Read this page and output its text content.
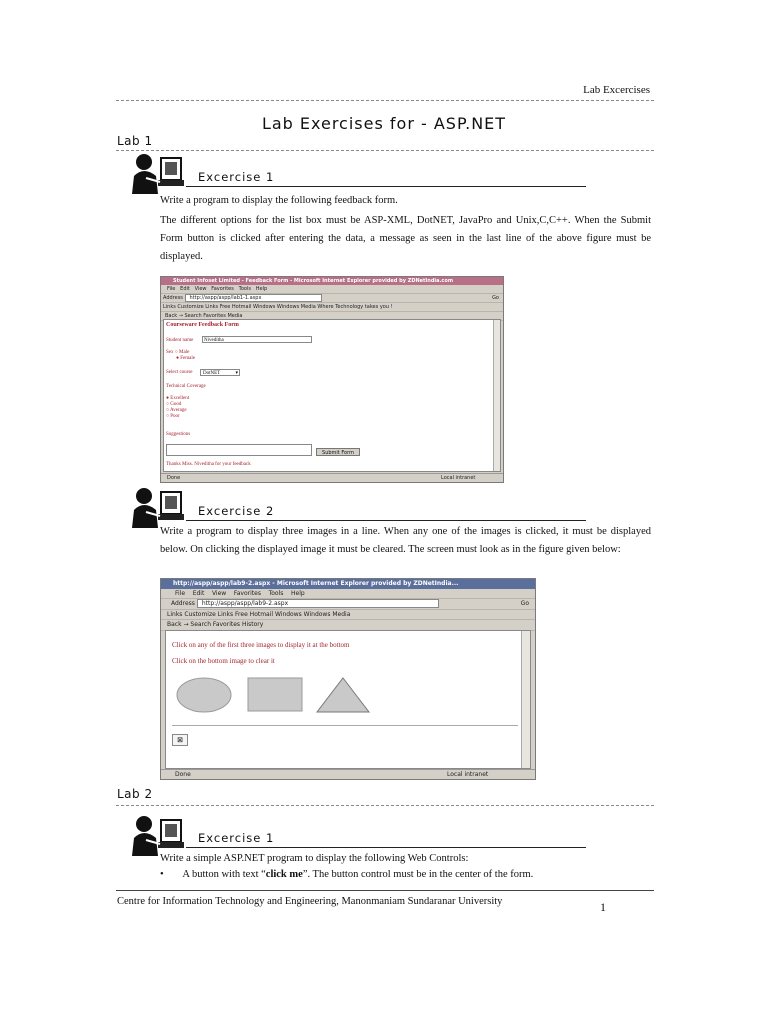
Lab Excercises
Lab Exercises for - ASP.NET
Lab 1
Excercise 1
Write a program to display the following feedback form.
The different options for the list box must be ASP-XML, DotNET, JavaPro and Unix,C,C++. When the Submit Form button is clicked after entering the data, a message as seen in the last line of the above figure must be displayed.
Student Infoset Limited - Feedback Form - Microsoft Internet Explorer provided by ZDNetIndia.com
File Edit View Favorites Tools Help
Address http://aspp/aspp/lab1-1.aspx	Go
Links Customize Links Free Hotmail Windows Windows Media Where Technology takes you !
Back → Search Favorites Media
Courseware Feedback Form
Student name	Niveditha
Sex ○ Male
● Female
Select course	DotNET	▾
Technical Coverage
● Excellent
○ Good
○ Average
○ Poor
Suggestions
Submit Form
Thanks Miss. Niveditha for your feedback
Done	Local intranet
Excercise 2
Write a program to display three images in a line. When any one of the images is clicked, it must be displayed below. On clicking the displayed image it must be cleared. The screen must look as in the figure given below:
http://aspp/aspp/lab9-2.aspx - Microsoft Internet Explorer provided by ZDNetIndia...
File Edit View Favorites Tools Help
Address http://aspp/aspp/lab9-2.aspx	Go
Links Customize Links Free Hotmail Windows Windows Media
Back → Search Favorites History
Click on any of the first three images to display it at the bottom
Click on the bottom image to clear it
⊠
Done	Local intranet
Lab 2
Excercise 1
Write a simple ASP.NET program to display the following Web Controls:
• A button with text “click me”. The button control must be in the center of the form.
Centre for Information Technology and Engineering, Manonmaniam Sundaranar University	1
